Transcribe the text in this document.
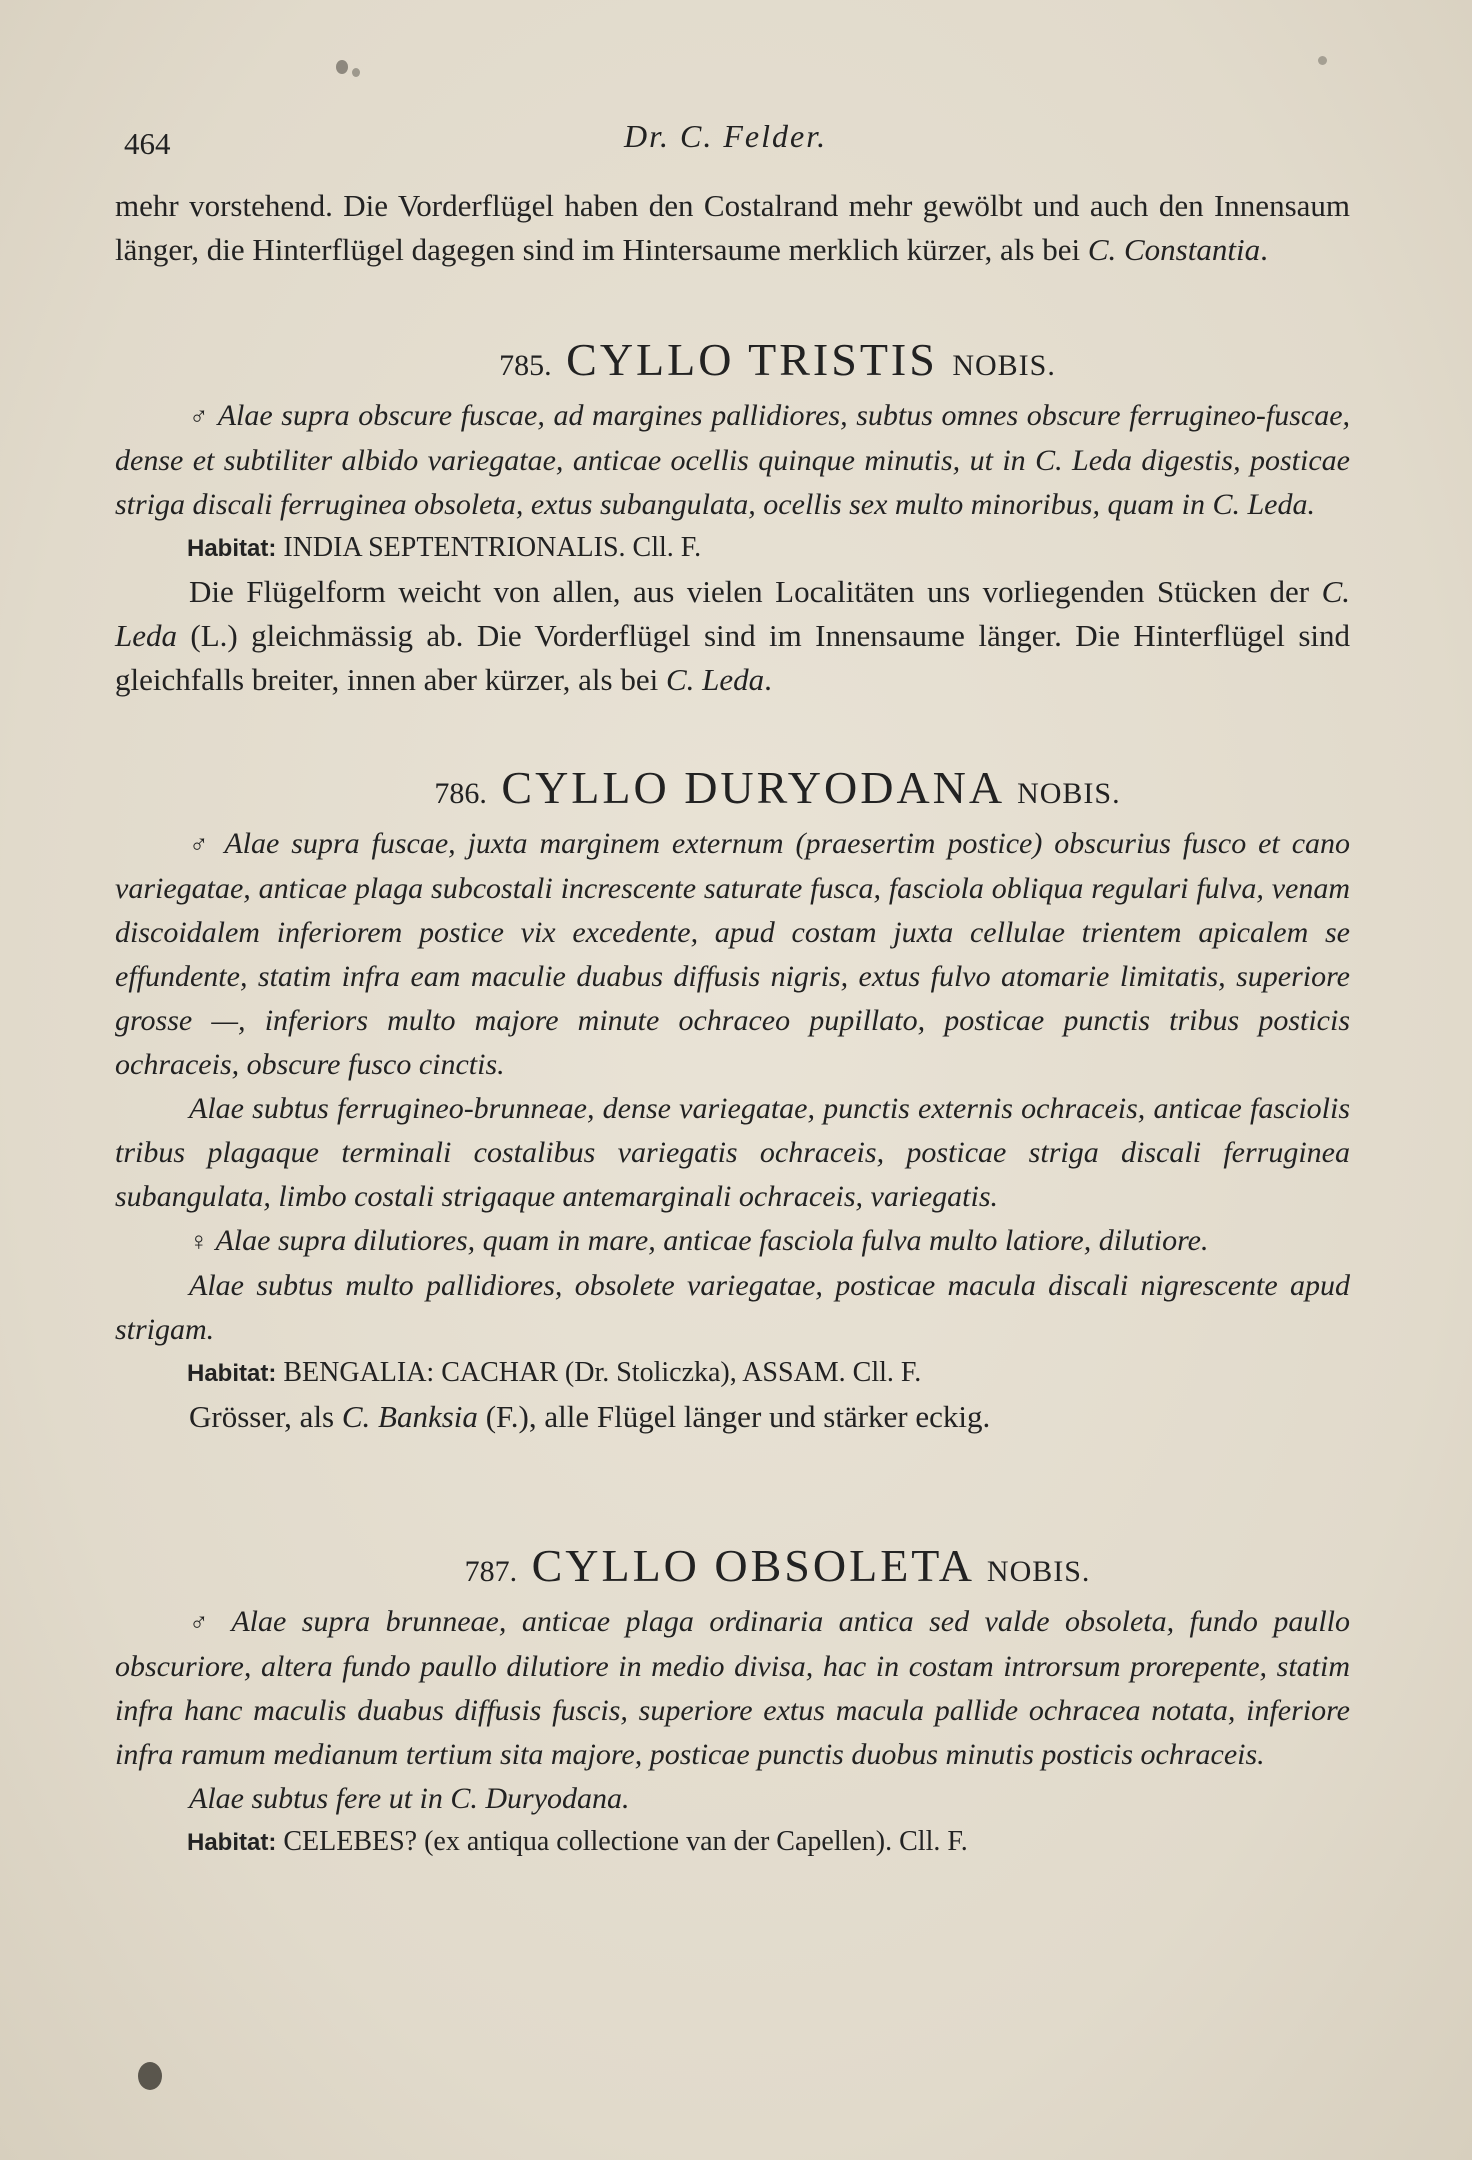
464	Dr. C. Felder.

mehr vorstehend. Die Vorderflügel haben den Costalrand mehr gewölbt und auch den Innensaum länger, die Hinterflügel dagegen sind im Hintersaume merklich kürzer, als bei C. Constantia.

785. CYLLO TRISTIS NOBIS.

♂ Alae supra obscure fuscae, ad margines pallidiores, subtus omnes obscure ferrugineo-fuscae, dense et subtiliter albido variegatae, anticae ocellis quinque minutis, ut in C. Leda digestis, posticae striga discali ferruginea obsoleta, extus subangulata, ocellis sex multo minoribus, quam in C. Leda.

Habitat: INDIA SEPTENTRIONALIS. Cll. F.

Die Flügelform weicht von allen, aus vielen Localitäten uns vorliegenden Stücken der C. Leda (L.) gleichmässig ab. Die Vorderflügel sind im Innensaume länger. Die Hinterflügel sind gleichfalls breiter, innen aber kürzer, als bei C. Leda.

786. CYLLO DURYODANA NOBIS.

♂ Alae supra fuscae, juxta marginem externum (praesertim postice) obscurius fusco et cano variegatae, anticae plaga subcostali increscente saturate fusca, fasciola obliqua regulari fulva, venam discoidalem inferiorem postice vix excedente, apud costam juxta cellulae trientem apicalem se effundente, statim infra eam maculie duabus diffusis nigris, extus fulvo atomarie limitatis, superiore grosse —, inferiors multo majore minute ochraceo pupillato, posticae punctis tribus posticis ochraceis, obscure fusco cinctis.

Alae subtus ferrugineo-brunneae, dense variegatae, punctis externis ochraceis, anticae fasciolis tribus plagaque terminali costalibus variegatis ochraceis, posticae striga discali ferruginea subangulata, limbo costali strigaque antemarginali ochraceis, variegatis.

♀ Alae supra dilutiores, quam in mare, anticae fasciola fulva multo latiore, dilutiore.

Alae subtus multo pallidiores, obsolete variegatae, posticae macula discali nigrescente apud strigam.

Habitat: BENGALIA: CACHAR (Dr. Stoliczka), ASSAM. Cll. F.

Grösser, als C. Banksia (F.), alle Flügel länger und stärker eckig.

787. CYLLO OBSOLETA NOBIS.

♂ Alae supra brunneae, anticae plaga ordinaria antica sed valde obsoleta, fundo paullo obscuriore, altera fundo paullo dilutiore in medio divisa, hac in costam introrsum prorepente, statim infra hanc maculis duabus diffusis fuscis, superiore extus macula pallide ochracea notata, inferiore infra ramum medianum tertium sita majore, posticae punctis duobus minutis posticis ochraceis.

Alae subtus fere ut in C. Duryodana.

Habitat: CELEBES? (ex antiqua collectione van der Capellen). Cll. F.
